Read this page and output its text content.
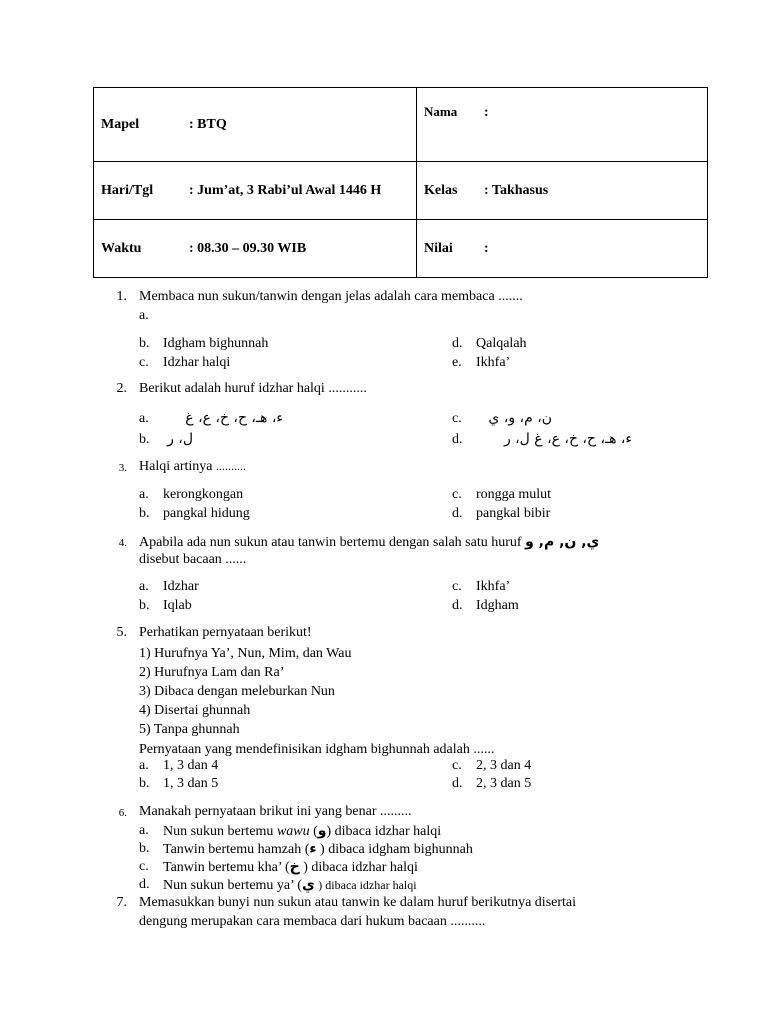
Mapel : BTQ	Nama :
Hari/Tgl : Jum’at, 3 Rabi’ul Awal 1446 H	Kelas : Takhasus
Waktu : 08.30 – 09.30 WIB	Nilai :
1. Membaca nun sukun/tanwin dengan jelas adalah cara membaca .......
a.
b. Idgham bighunnah
c. Idzhar halqi
d. Qalqalah
e. Ikhfa’
2. Berikut adalah huruf idzhar halqi ...........
a.	ء، هـ، ح، خ، ع، غ
b. ل، ر
c.	ن، م، و، ي
d.	ء، هـ، ح، خ، ع، غ ل، ر
3. Halqi artinya ..........
a. kerongkongan
b. pangkal hidung
c. rongga mulut
d. pangkal bibir
4. Apabila ada nun sukun atau tanwin bertemu dengan salah satu huruf ي, ن, م, و
disebut bacaan ......
a. Idzhar
b. Iqlab
c. Ikhfa’
d. Idgham
5. Perhatikan pernyataan berikut!
1) Hurufnya Ya’, Nun, Mim, dan Wau
2) Hurufnya Lam dan Ra’
3) Dibaca dengan meleburkan Nun
4) Disertai ghunnah
5) Tanpa ghunnah
Pernyataan yang mendefinisikan idgham bighunnah adalah ......
a. 1, 3 dan 4
b. 1, 3 dan 5
c. 2, 3 dan 4
d. 2, 3 dan 5
6. Manakah pernyataan brikut ini yang benar .........
a. Nun sukun bertemu wawu (و) dibaca idzhar halqi
b. Tanwin bertemu hamzah (ء ) dibaca idgham bighunnah
c. Tanwin bertemu kha’ (خ ) dibaca idzhar halqi
d. Nun sukun bertemu ya’ (ي ) dibaca idzhar halqi
7. Memasukkan bunyi nun sukun atau tanwin ke dalam huruf berikutnya disertai
dengung merupakan cara membaca dari hukum bacaan ..........
